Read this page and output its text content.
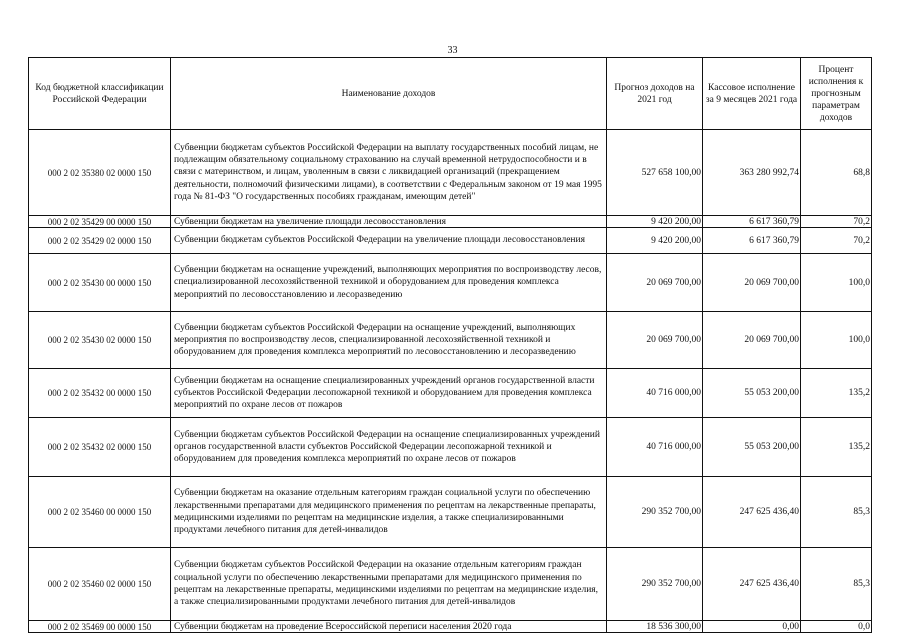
33
Код бюджетной классификации Российской Федерации	Наименование доходов	Прогноз доходов на 2021 год	Кассовое исполнение за 9 месяцев 2021 года	Процент исполнения к прогнозным параметрам доходов
000 2 02 35380 02 0000 150	Субвенции бюджетам субъектов Российской Федерации на выплату государственных пособий лицам, не подлежащим обязательному социальному страхованию на случай временной нетрудоспособности и в связи с материнством, и лицам, уволенным в связи с ликвидацией организаций (прекращением деятельности, полномочий физическими лицами), в соответствии с Федеральным законом от 19 мая 1995 года № 81-ФЗ "О государственных пособиях гражданам, имеющим детей"	527 658 100,00	363 280 992,74	68,8
000 2 02 35429 00 0000 150	Субвенции бюджетам на увеличение площади лесовосстановления	9 420 200,00	6 617 360,79	70,2
000 2 02 35429 02 0000 150	Субвенции бюджетам субъектов Российской Федерации на увеличение площади лесовосстановления	9 420 200,00	6 617 360,79	70,2
000 2 02 35430 00 0000 150	Субвенции бюджетам на оснащение учреждений, выполняющих мероприятия по воспроизводству лесов, специализированной лесохозяйственной техникой и оборудованием для проведения комплекса мероприятий по лесовосстановлению и лесоразведению	20 069 700,00	20 069 700,00	100,0
000 2 02 35430 02 0000 150	Субвенции бюджетам субъектов Российской Федерации на оснащение учреждений, выполняющих мероприятия по воспроизводству лесов, специализированной лесохозяйственной техникой и оборудованием для проведения комплекса мероприятий по лесовосстановлению и лесоразведению	20 069 700,00	20 069 700,00	100,0
000 2 02 35432 00 0000 150	Субвенции бюджетам на оснащение специализированных учреждений органов государственной власти субъектов Российской Федерации лесопожарной техникой и оборудованием для проведения комплекса мероприятий по охране лесов от пожаров	40 716 000,00	55 053 200,00	135,2
000 2 02 35432 02 0000 150	Субвенции бюджетам субъектов Российской Федерации на оснащение специализированных учреждений органов государственной власти субъектов Российской Федерации лесопожарной техникой и оборудованием для проведения комплекса мероприятий по охране лесов от пожаров	40 716 000,00	55 053 200,00	135,2
000 2 02 35460 00 0000 150	Субвенции бюджетам на оказание отдельным категориям граждан социальной услуги по обеспечению лекарственными препаратами для медицинского применения по рецептам на лекарственные препараты, медицинскими изделиями по рецептам на медицинские изделия, а также специализированными продуктами лечебного питания для детей-инвалидов	290 352 700,00	247 625 436,40	85,3
000 2 02 35460 02 0000 150	Субвенции бюджетам субъектов Российской Федерации на оказание отдельным категориям граждан социальной услуги по обеспечению лекарственными препаратами для медицинского применения по рецептам на лекарственные препараты, медицинскими изделиями по рецептам на медицинские изделия, а также специализированными продуктами лечебного питания для детей-инвалидов	290 352 700,00	247 625 436,40	85,3
000 2 02 35469 00 0000 150	Субвенции бюджетам на проведение Всероссийской переписи населения 2020 года	18 536 300,00	0,00	0,0
